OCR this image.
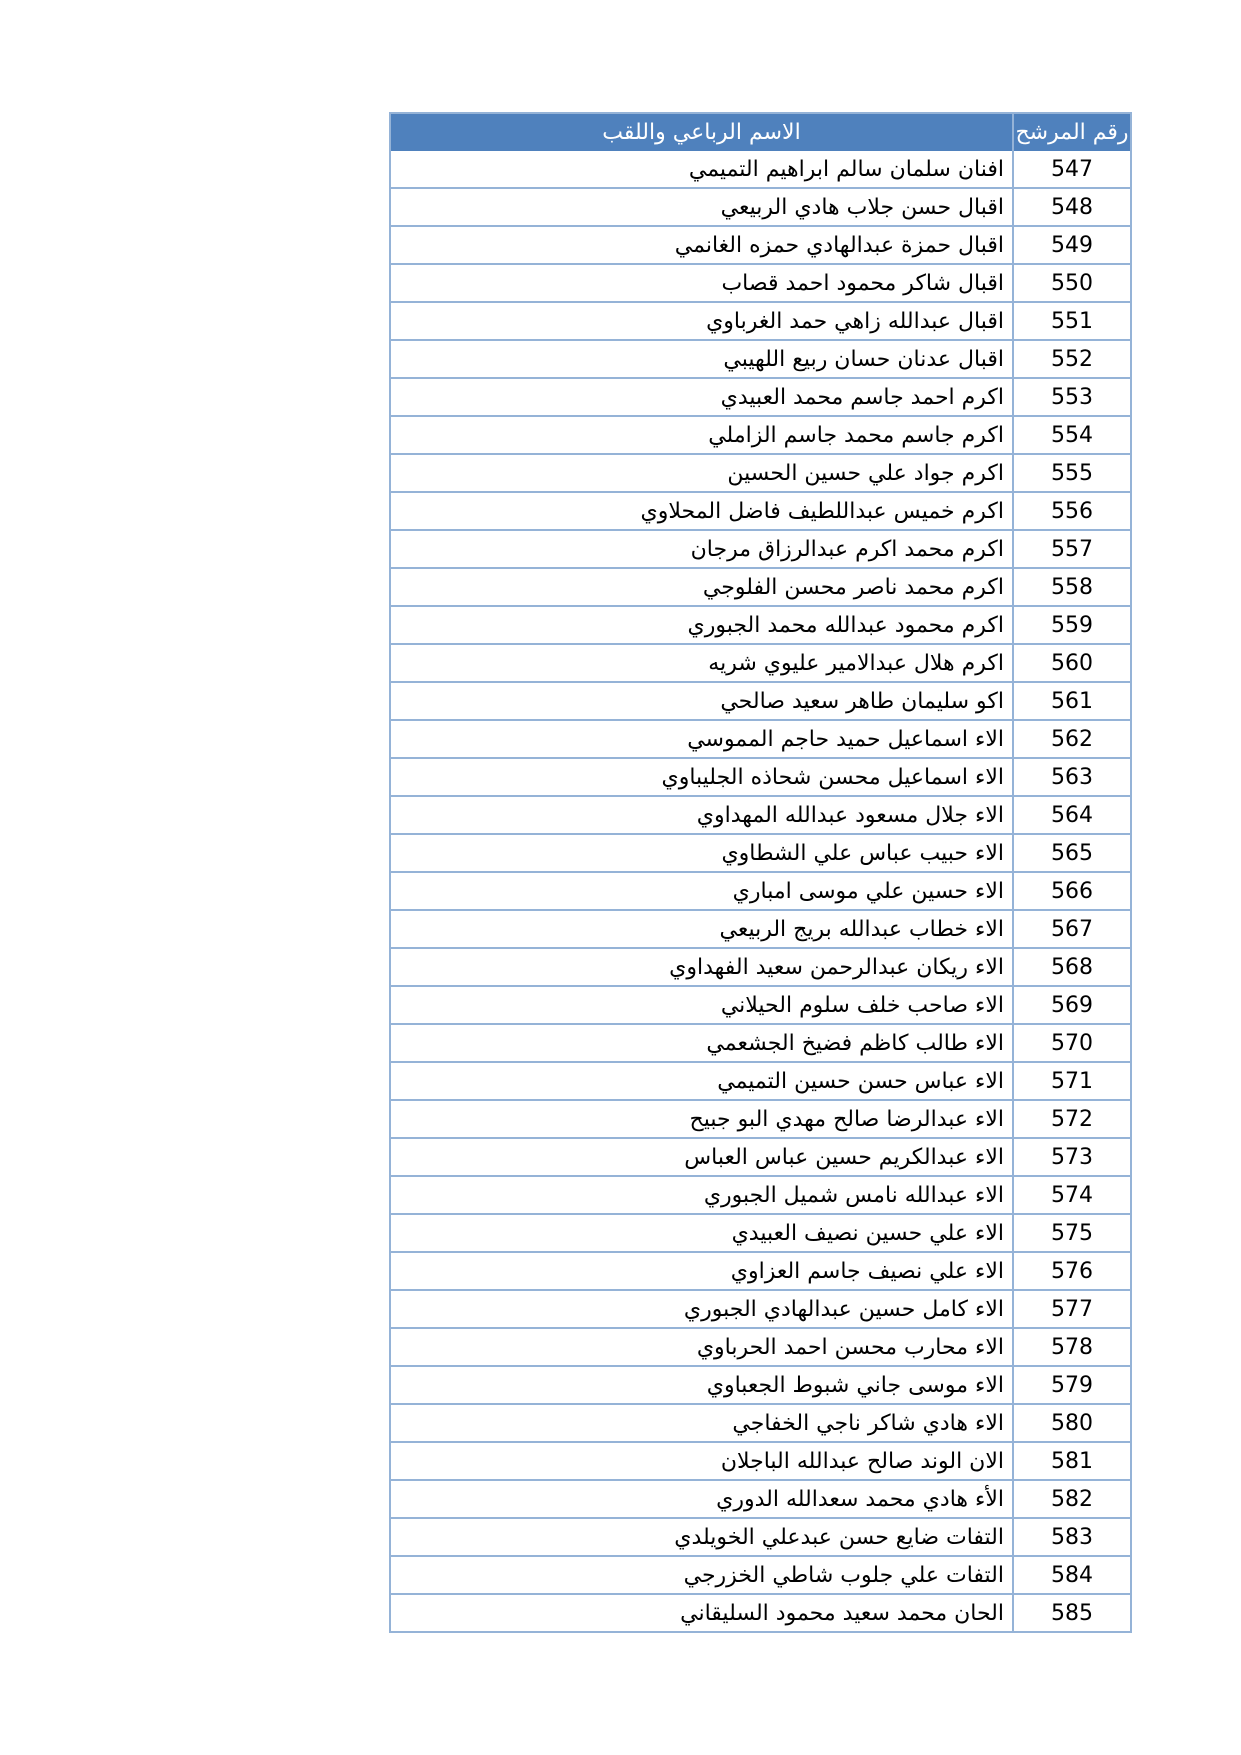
رقم المرشح	الاسم الرباعي واللقب
547	افنان سلمان سالم ابراهيم التميمي
548	اقبال حسن جلاب هادي الربيعي
549	اقبال حمزة عبدالهادي حمزه الغانمي
550	اقبال شاكر محمود احمد قصاب
551	اقبال عبدالله زاهي حمد الغرباوي
552	اقبال عدنان حسان ربيع اللهيبي
553	اكرم احمد جاسم محمد العبيدي
554	اكرم جاسم محمد جاسم الزاملي
555	اكرم جواد علي حسين الحسين
556	اكرم خميس عبداللطيف فاضل المحلاوي
557	اكرم محمد اكرم عبدالرزاق مرجان
558	اكرم محمد ناصر محسن الفلوجي
559	اكرم محمود عبدالله محمد الجبوري
560	اكرم هلال عبدالامير عليوي شريه
561	اكو سليمان طاهر سعيد صالحي
562	الاء اسماعيل حميد حاجم المموسي
563	الاء اسماعيل محسن شحاذه الجليباوي
564	الاء جلال مسعود عبدالله المهداوي
565	الاء حبيب عباس علي الشطاوي
566	الاء حسين علي موسى امباري
567	الاء خطاب عبدالله بريج الربيعي
568	الاء ريكان عبدالرحمن سعيد الفهداوي
569	الاء صاحب خلف سلوم الحيلاني
570	الاء طالب كاظم فضيخ الجشعمي
571	الاء عباس حسن حسين التميمي
572	الاء عبدالرضا صالح مهدي البو جبيح
573	الاء عبدالكريم حسين عباس العباس
574	الاء عبدالله نامس شميل الجبوري
575	الاء علي حسين نصيف العبيدي
576	الاء علي نصيف جاسم العزاوي
577	الاء كامل حسين عبدالهادي الجبوري
578	الاء محارب محسن احمد الحرباوي
579	الاء موسى جاني شبوط الجعباوي
580	الاء هادي شاكر ناجي الخفاجي
581	الان الوند صالح عبدالله الباجلان
582	الأء هادي محمد سعدالله الدوري
583	التفات ضايع حسن عبدعلي الخويلدي
584	التفات علي جلوب شاطي الخزرجي
585	الحان محمد سعيد محمود السليقاني
